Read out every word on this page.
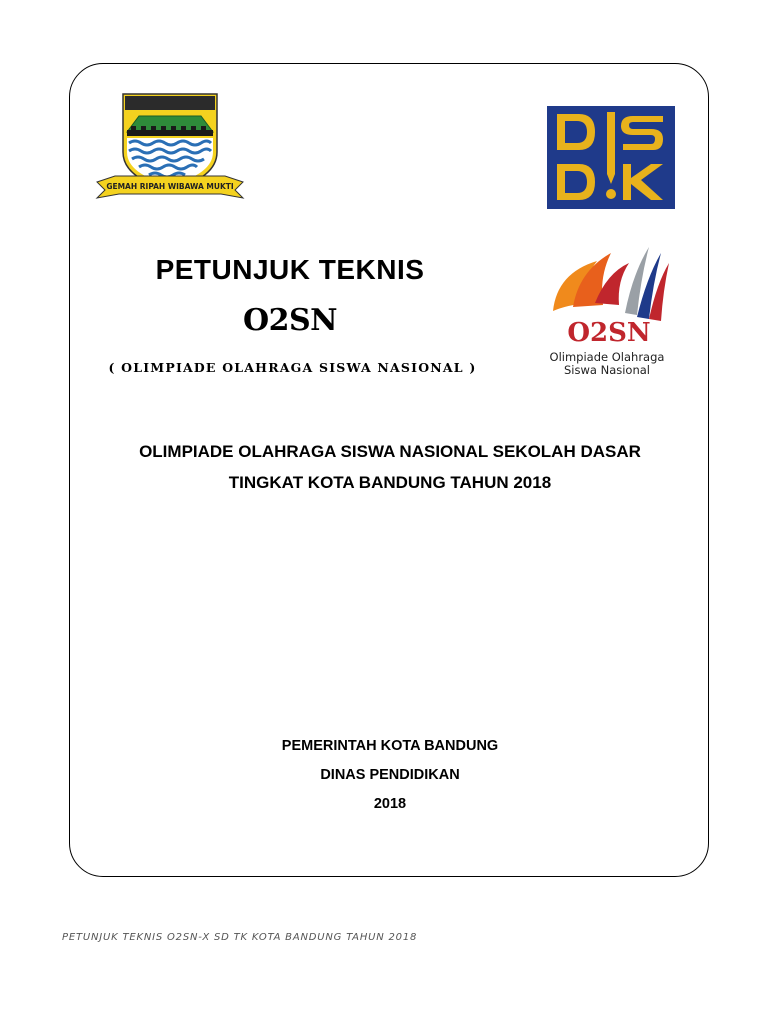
GEMAH RIPAH WIBAWA MUKTI
O2SN
Olimpiade Olahraga
Siswa Nasional
PETUNJUK TEKNIS
O2SN
( OLIMPIADE OLAHRAGA SISWA NASIONAL )
OLIMPIADE OLAHRAGA SISWA NASIONAL SEKOLAH DASAR
TINGKAT KOTA BANDUNG TAHUN 2018
PEMERINTAH KOTA BANDUNG
DINAS PENDIDIKAN
2018
PETUNJUK TEKNIS O2SN-X SD TK KOTA BANDUNG TAHUN 2018
